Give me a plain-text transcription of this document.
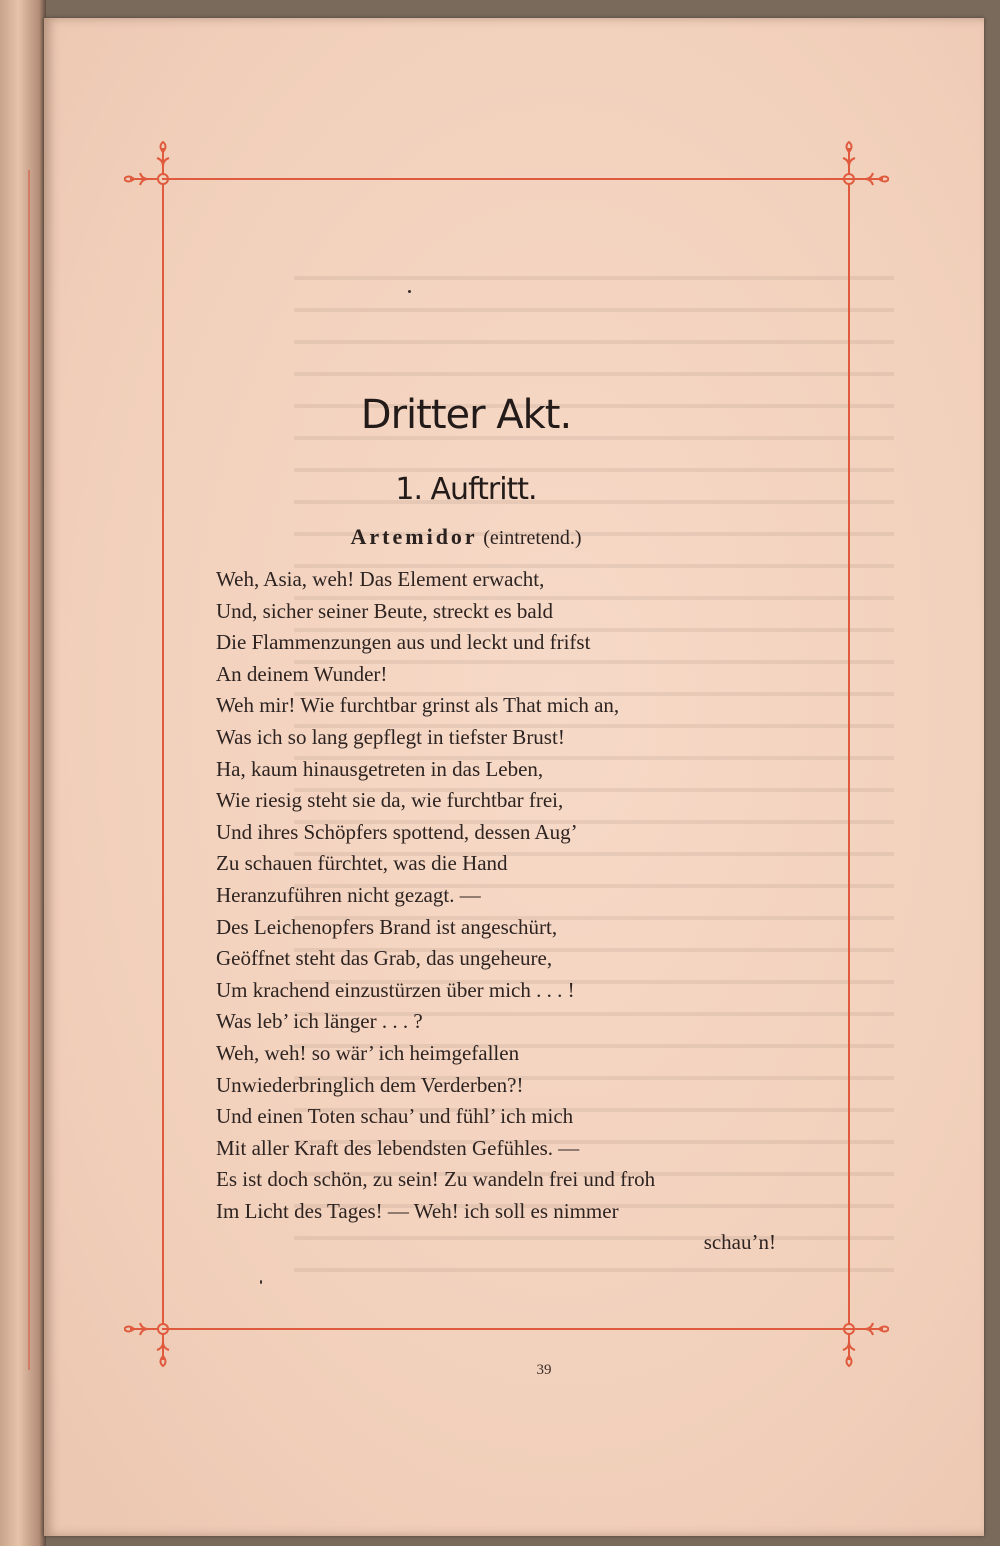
Dritter Akt.
1. Auftritt.
Artemidor (eintretend.)
Weh, Asia, weh! Das Element erwacht,
Und, sicher seiner Beute, streckt es bald
Die Flammenzungen aus und leckt und frifst
An deinem Wunder!
Weh mir! Wie furchtbar grinst als That mich an,
Was ich so lang gepflegt in tiefster Brust!
Ha, kaum hinausgetreten in das Leben,
Wie riesig steht sie da, wie furchtbar frei,
Und ihres Schöpfers spottend, dessen Aug’
Zu schauen fürchtet, was die Hand
Heranzuführen nicht gezagt. —
Des Leichenopfers Brand ist angeschürt,
Geöffnet steht das Grab, das ungeheure,
Um krachend einzustürzen über mich . . . !
Was leb’ ich länger . . . ?
Weh, weh! so wär’ ich heimgefallen
Unwiederbringlich dem Verderben?!
Und einen Toten schau’ und fühl’ ich mich
Mit aller Kraft des lebendsten Gefühles. —
Es ist doch schön, zu sein! Zu wandeln frei und froh
Im Licht des Tages! — Weh! ich soll es nimmer
schau’n!
39
